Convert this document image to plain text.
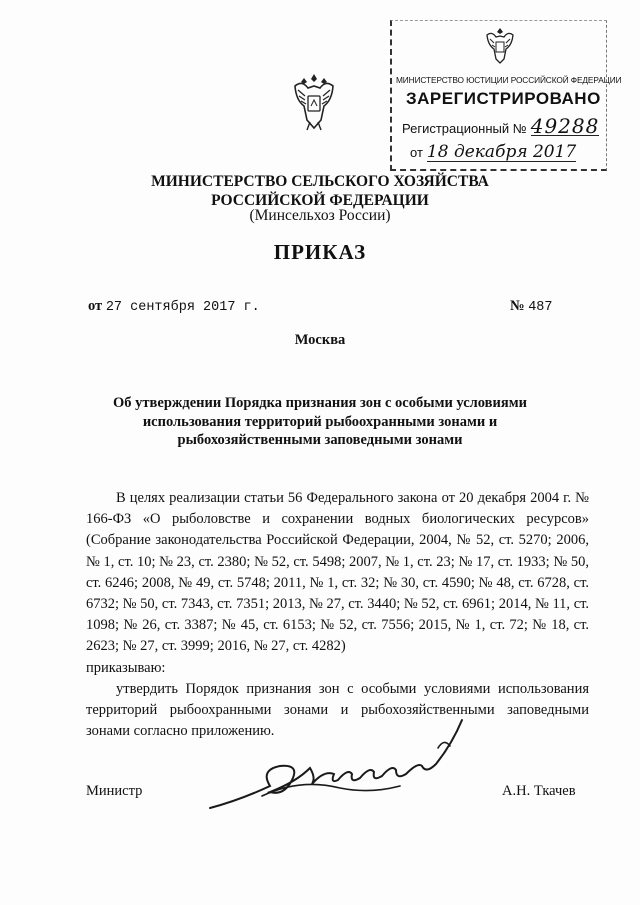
МИНИСТЕРСТВО ЮСТИЦИИ РОССИЙСКОЙ ФЕДЕРАЦИИ
ЗАРЕГИСТРИРОВАНО
Регистрационный № 49288
от 18 декабря 2017
МИНИСТЕРСТВО СЕЛЬСКОГО ХОЗЯЙСТВА
РОССИЙСКОЙ ФЕДЕРАЦИИ
(Минсельхоз России)
ПРИКАЗ
от 27 сентября 2017 г.	№ 487
Москва
Об утверждении Порядка признания зон с особыми условиями
использования территорий рыбоохранными зонами и
рыбохозяйственными заповедными зонами

В целях реализации статьи 56 Федерального закона от 20 декабря 2004 г. № 166-ФЗ «О рыболовстве и сохранении водных биологических ресурсов» (Собрание законодательства Российской Федерации, 2004, № 52, ст. 5270; 2006, № 1, ст. 10; № 23, ст. 2380; № 52, ст. 5498; 2007, № 1, ст. 23; № 17, ст. 1933; № 50, ст. 6246; 2008, № 49, ст. 5748; 2011, № 1, ст. 32; № 30, ст. 4590; № 48, ст. 6728, ст. 6732; № 50, ст. 7343, ст. 7351; 2013, № 27, ст. 3440; № 52, ст. 6961; 2014, № 11, ст. 1098; № 26, ст. 3387; № 45, ст. 6153; № 52, ст. 7556; 2015, № 1, ст. 72; № 18, ст. 2623; № 27, ст. 3999; 2016, № 27, ст. 4282)

приказываю:

утвердить Порядок признания зон с особыми условиями использования территорий рыбоохранными зонами и рыбохозяйственными заповедными зонами согласно приложению.

Министр	А.Н. Ткачев
